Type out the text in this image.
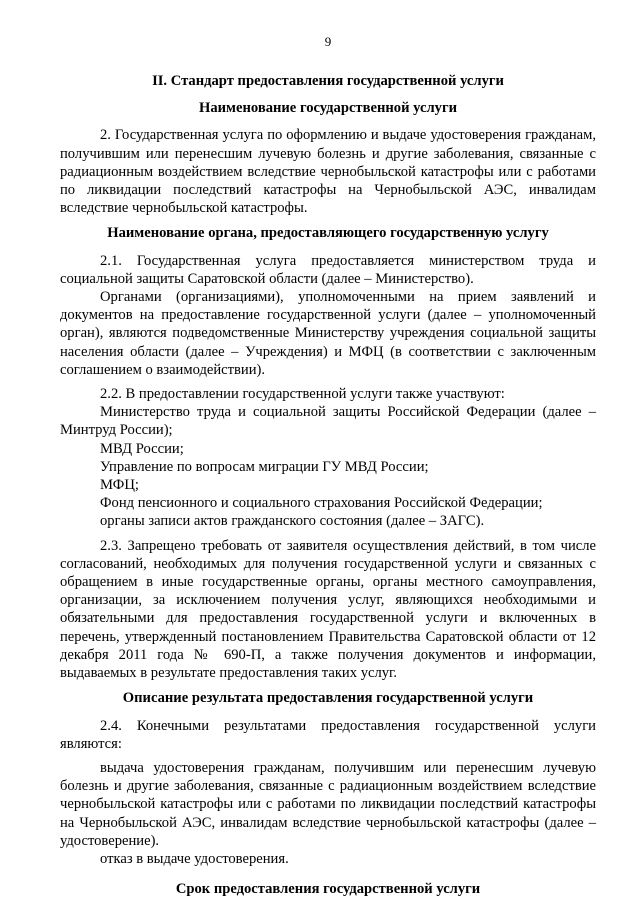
9
II. Стандарт предоставления государственной услуги
Наименование государственной услуги

2. Государственная услуга по оформлению и выдаче удостоверения гражданам, получившим или перенесшим лучевую болезнь и другие заболевания, связанные с радиационным воздействием вследствие чернобыльской катастрофы или с работами по ликвидации последствий катастрофы на Чернобыльской АЭС, инвалидам вследствие чернобыльской катастрофы.

Наименование органа, предоставляющего государственную услугу

2.1. Государственная услуга предоставляется министерством труда и социальной защиты Саратовской области (далее – Министерство).

Органами (организациями), уполномоченными на прием заявлений и документов на предоставление государственной услуги (далее – уполномоченный орган), являются подведомственные Министерству учреждения социальной защиты населения области (далее – Учреждения) и МФЦ (в соответствии с заключенным соглашением о взаимодействии).

2.2. В предоставлении государственной услуги также участвуют:

Министерство труда и социальной защиты Российской Федерации (далее – Минтруд России);

МВД России;

Управление по вопросам миграции ГУ МВД России;

МФЦ;

Фонд пенсионного и социального страхования Российской Федерации;

органы записи актов гражданского состояния (далее – ЗАГС).

2.3. Запрещено требовать от заявителя осуществления действий, в том числе согласований, необходимых для получения государственной услуги и связанных с обращением в иные государственные органы, органы местного самоуправления, организации, за исключением получения услуг, являющихся необходимыми и обязательными для предоставления государственной услуги и включенных в перечень, утвержденный постановлением Правительства Саратовской области от 12 декабря 2011 года № 690-П, а также получения документов и информации, выдаваемых в результате предоставления таких услуг.

Описание результата предоставления государственной услуги

2.4. Конечными результатами предоставления государственной услуги являются:

выдача удостоверения гражданам, получившим или перенесшим лучевую болезнь и другие заболевания, связанные с радиационным воздействием вследствие чернобыльской катастрофы или с работами по ликвидации последствий катастрофы на Чернобыльской АЭС, инвалидам вследствие чернобыльской катастрофы (далее – удостоверение).

отказ в выдаче удостоверения.

Срок предоставления государственной услуги
